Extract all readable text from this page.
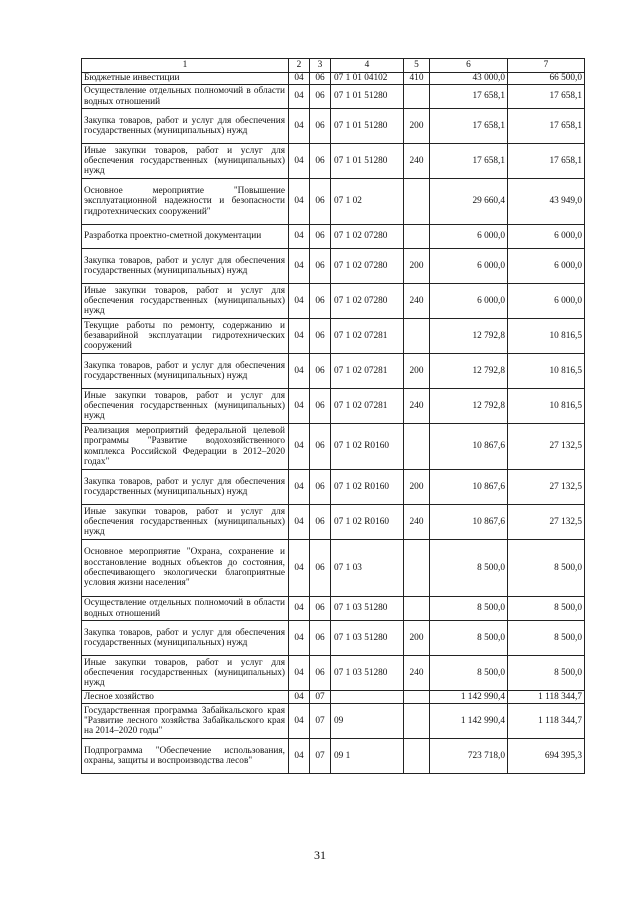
1	2	3	4	5	6	7
Бюджетные инвестиции	04	06	07 1 01 04102	410	43 000,0	66 500,0
Осуществление отдельных полномочий в области водных отношений	04	06	07 1 01 51280		17 658,1	17 658,1
Закупка товаров, работ и услуг для обеспечения государственных (муниципальных) нужд	04	06	07 1 01 51280	200	17 658,1	17 658,1
Иные закупки товаров, работ и услуг для обеспечения государственных (муниципальных) нужд	04	06	07 1 01 51280	240	17 658,1	17 658,1
Основное мероприятие "Повышение эксплуатационной надежности и безопасности гидротехнических сооружений"	04	06	07 1 02		29 660,4	43 949,0
Разработка проектно-сметной документации	04	06	07 1 02 07280		6 000,0	6 000,0
Закупка товаров, работ и услуг для обеспечения государственных (муниципальных) нужд	04	06	07 1 02 07280	200	6 000,0	6 000,0
Иные закупки товаров, работ и услуг для обеспечения государственных (муниципальных) нужд	04	06	07 1 02 07280	240	6 000,0	6 000,0
Текущие работы по ремонту, содержанию и безаварийной эксплуатации гидротехнических сооружений	04	06	07 1 02 07281		12 792,8	10 816,5
Закупка товаров, работ и услуг для обеспечения государственных (муниципальных) нужд	04	06	07 1 02 07281	200	12 792,8	10 816,5
Иные закупки товаров, работ и услуг для обеспечения государственных (муниципальных) нужд	04	06	07 1 02 07281	240	12 792,8	10 816,5
Реализация мероприятий федеральной целевой программы "Развитие водохозяйственного комплекса Российской Федерации в 2012–2020 годах"	04	06	07 1 02 R0160		10 867,6	27 132,5
Закупка товаров, работ и услуг для обеспечения государственных (муниципальных) нужд	04	06	07 1 02 R0160	200	10 867,6	27 132,5
Иные закупки товаров, работ и услуг для обеспечения государственных (муниципальных) нужд	04	06	07 1 02 R0160	240	10 867,6	27 132,5
Основное мероприятие "Охрана, сохранение и восстановление водных объектов до состояния, обеспечивающего экологически благоприятные условия жизни населения"	04	06	07 1 03		8 500,0	8 500,0
Осуществление отдельных полномочий в области водных отношений	04	06	07 1 03 51280		8 500,0	8 500,0
Закупка товаров, работ и услуг для обеспечения государственных (муниципальных) нужд	04	06	07 1 03 51280	200	8 500,0	8 500,0
Иные закупки товаров, работ и услуг для обеспечения государственных (муниципальных) нужд	04	06	07 1 03 51280	240	8 500,0	8 500,0
Лесное хозяйство	04	07			1 142 990,4	1 118 344,7
Государственная программа Забайкальского края "Развитие лесного хозяйства Забайкальского края на 2014–2020 годы"	04	07	09		1 142 990,4	1 118 344,7
Подпрограмма "Обеспечение использования, охраны, защиты и воспроизводства лесов"	04	07	09 1		723 718,0	694 395,3
31
